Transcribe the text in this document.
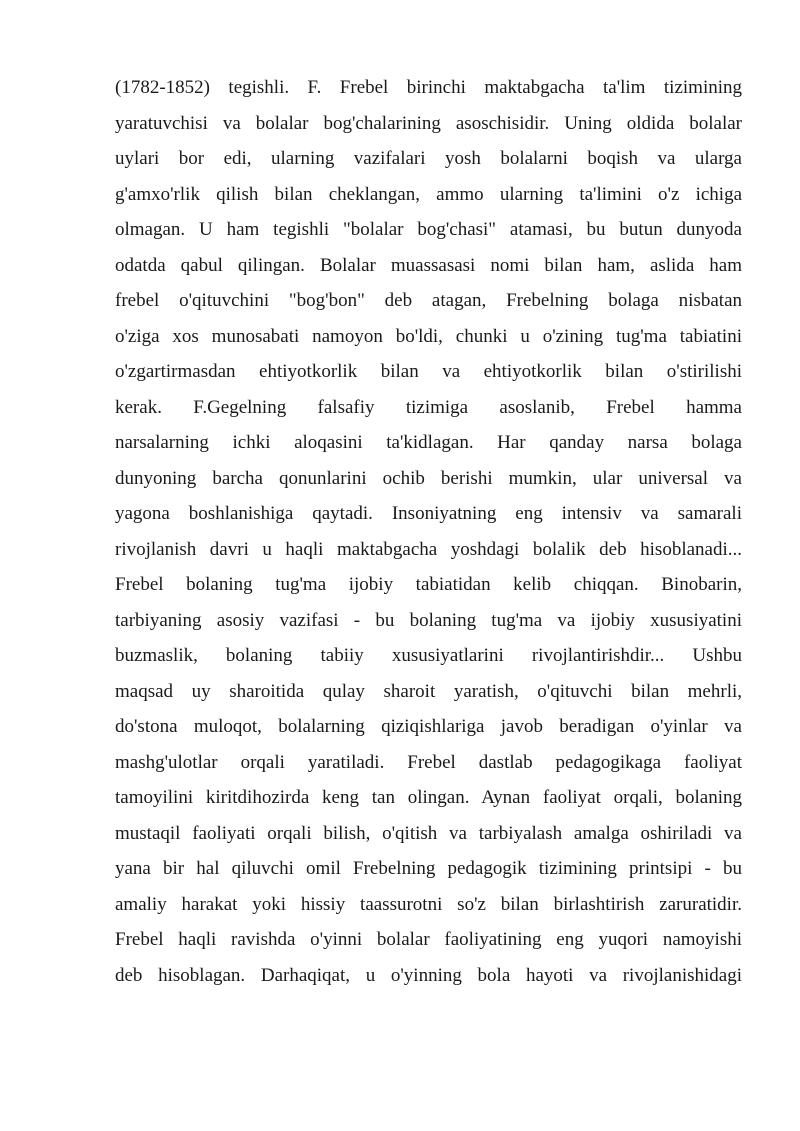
(1782-1852) tegishli. F. Frebel birinchi maktabgacha ta'lim tizimining
yaratuvchisi va bolalar bog'chalarining asoschisidir. Uning oldida bolalar
uylari bor edi, ularning vazifalari yosh bolalarni boqish va ularga
g'amxo'rlik qilish bilan cheklangan, ammo ularning ta'limini o'z ichiga
olmagan. U ham tegishli "bolalar bog'chasi" atamasi, bu butun dunyoda
odatda qabul qilingan. Bolalar muassasasi nomi bilan ham, aslida ham
frebel o'qituvchini "bog'bon" deb atagan, Frebelning bolaga nisbatan
o'ziga xos munosabati namoyon bo'ldi, chunki u o'zining tug'ma tabiatini
o'zgartirmasdan ehtiyotkorlik bilan va ehtiyotkorlik bilan o'stirilishi
kerak. F.Gegelning falsafiy tizimiga asoslanib, Frebel hamma
narsalarning ichki aloqasini ta'kidlagan. Har qanday narsa bolaga
dunyoning barcha qonunlarini ochib berishi mumkin, ular universal va
yagona boshlanishiga qaytadi. Insoniyatning eng intensiv va samarali
rivojlanish davri u haqli maktabgacha yoshdagi bolalik deb hisoblanadi...
Frebel bolaning tug'ma ijobiy tabiatidan kelib chiqqan. Binobarin,
tarbiyaning asosiy vazifasi - bu bolaning tug'ma va ijobiy xususiyatini
buzmaslik, bolaning tabiiy xususiyatlarini rivojlantirishdir... Ushbu
maqsad uy sharoitida qulay sharoit yaratish, o'qituvchi bilan mehrli,
do'stona muloqot, bolalarning qiziqishlariga javob beradigan o'yinlar va
mashg'ulotlar orqali yaratiladi. Frebel dastlab pedagogikaga faoliyat
tamoyilini kiritdihozirda keng tan olingan. Aynan faoliyat orqali, bolaning
mustaqil faoliyati orqali bilish, o'qitish va tarbiyalash amalga oshiriladi va
yana bir hal qiluvchi omil Frebelning pedagogik tizimining printsipi - bu
amaliy harakat yoki hissiy taassurotni so'z bilan birlashtirish zaruratidir.
Frebel haqli ravishda o'yinni bolalar faoliyatining eng yuqori namoyishi
deb hisoblagan. Darhaqiqat, u o'yinning bola hayoti va rivojlanishidagi
